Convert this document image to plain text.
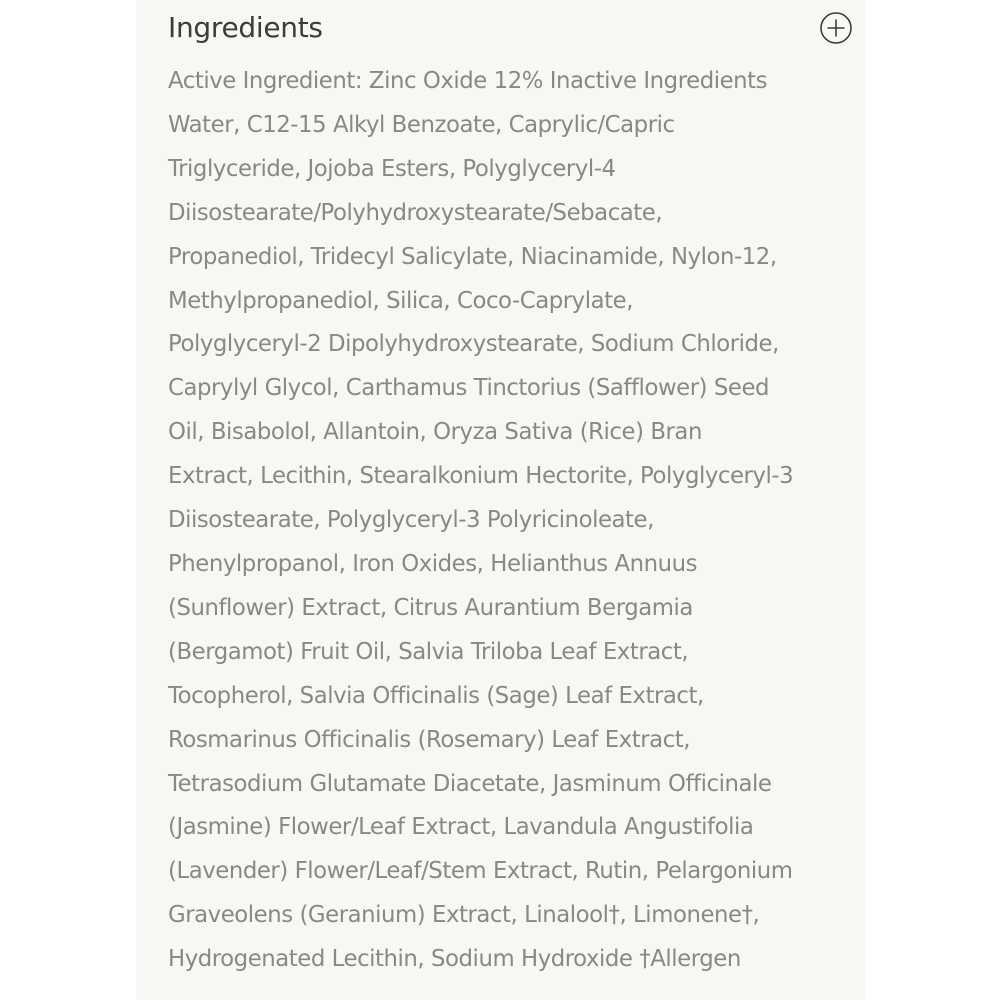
Ingredients

Active Ingredient: Zinc Oxide 12% Inactive Ingredients
Water, C12-15 Alkyl Benzoate, Caprylic/Capric
Triglyceride, Jojoba Esters, Polyglyceryl-4
Diisostearate/Polyhydroxystearate/Sebacate,
Propanediol, Tridecyl Salicylate, Niacinamide, Nylon-12,
Methylpropanediol, Silica, Coco-Caprylate,
Polyglyceryl-2 Dipolyhydroxystearate, Sodium Chloride,
Caprylyl Glycol, Carthamus Tinctorius (Safflower) Seed
Oil, Bisabolol, Allantoin, Oryza Sativa (Rice) Bran
Extract, Lecithin, Stearalkonium Hectorite, Polyglyceryl-3
Diisostearate, Polyglyceryl-3 Polyricinoleate,
Phenylpropanol, Iron Oxides, Helianthus Annuus
(Sunflower) Extract, Citrus Aurantium Bergamia
(Bergamot) Fruit Oil, Salvia Triloba Leaf Extract,
Tocopherol, Salvia Officinalis (Sage) Leaf Extract,
Rosmarinus Officinalis (Rosemary) Leaf Extract,
Tetrasodium Glutamate Diacetate, Jasminum Officinale
(Jasmine) Flower/Leaf Extract, Lavandula Angustifolia
(Lavender) Flower/Leaf/Stem Extract, Rutin, Pelargonium
Graveolens (Geranium) Extract, Linalool†, Limonene†,
Hydrogenated Lecithin, Sodium Hydroxide †Allergen
